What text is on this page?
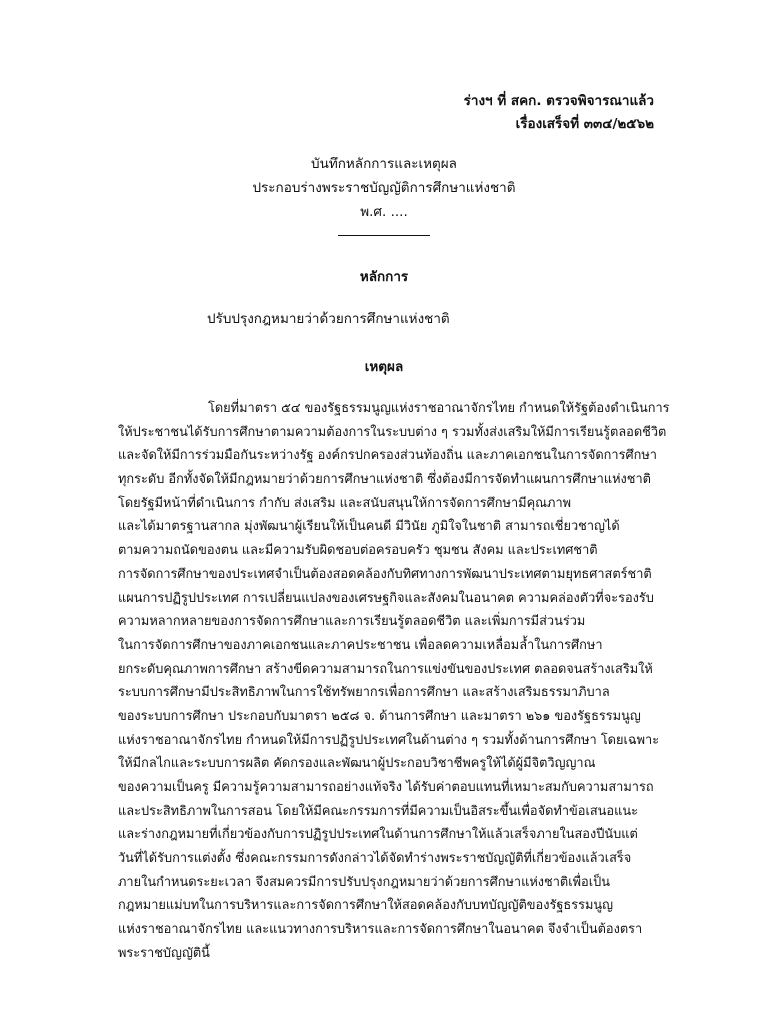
ร่างฯ ที่ สคก. ตรวจพิจารณาแล้ว
เรื่องเสร็จที่ ๓๓๔/๒๕๖๒
บันทึกหลักการและเหตุผล
ประกอบร่างพระราชบัญญัติการศึกษาแห่งชาติ
พ.ศ. ....
หลักการ
ปรับปรุงกฎหมายว่าด้วยการศึกษาแห่งชาติ
เหตุผล
โดยที่มาตรา ๕๔ ของรัฐธรรมนูญแห่งราชอาณาจักรไทย กำหนดให้รัฐต้องดำเนินการ
ให้ประชาชนได้รับการศึกษาตามความต้องการในระบบต่าง ๆ รวมทั้งส่งเสริมให้มีการเรียนรู้ตลอดชีวิต
และจัดให้มีการร่วมมือกันระหว่างรัฐ องค์กรปกครองส่วนท้องถิ่น และภาคเอกชนในการจัดการศึกษา
ทุกระดับ อีกทั้งจัดให้มีกฎหมายว่าด้วยการศึกษาแห่งชาติ ซึ่งต้องมีการจัดทำแผนการศึกษาแห่งชาติ
โดยรัฐมีหน้าที่ดำเนินการ กำกับ ส่งเสริม และสนับสนุนให้การจัดการศึกษามีคุณภาพ
และได้มาตรฐานสากล มุ่งพัฒนาผู้เรียนให้เป็นคนดี มีวินัย ภูมิใจในชาติ สามารถเชี่ยวชาญได้
ตามความถนัดของตน และมีความรับผิดชอบต่อครอบครัว ชุมชน สังคม และประเทศชาติ
การจัดการศึกษาของประเทศจำเป็นต้องสอดคล้องกับทิศทางการพัฒนาประเทศตามยุทธศาสตร์ชาติ
แผนการปฏิรูปประเทศ การเปลี่ยนแปลงของเศรษฐกิจและสังคมในอนาคต ความคล่องตัวที่จะรองรับ
ความหลากหลายของการจัดการศึกษาและการเรียนรู้ตลอดชีวิต และเพิ่มการมีส่วนร่วม
ในการจัดการศึกษาของภาคเอกชนและภาคประชาชน เพื่อลดความเหลื่อมล้ำในการศึกษา
ยกระดับคุณภาพการศึกษา สร้างขีดความสามารถในการแข่งขันของประเทศ ตลอดจนสร้างเสริมให้
ระบบการศึกษามีประสิทธิภาพในการใช้ทรัพยากรเพื่อการศึกษา และสร้างเสริมธรรมาภิบาล
ของระบบการศึกษา ประกอบกับมาตรา ๒๕๘ จ. ด้านการศึกษา และมาตรา ๒๖๑ ของรัฐธรรมนูญ
แห่งราชอาณาจักรไทย กำหนดให้มีการปฏิรูปประเทศในด้านต่าง ๆ รวมทั้งด้านการศึกษา โดยเฉพาะ
ให้มีกลไกและระบบการผลิต คัดกรองและพัฒนาผู้ประกอบวิชาชีพครูให้ได้ผู้มีจิตวิญญาณ
ของความเป็นครู มีความรู้ความสามารถอย่างแท้จริง ได้รับค่าตอบแทนที่เหมาะสมกับความสามารถ
และประสิทธิภาพในการสอน โดยให้มีคณะกรรมการที่มีความเป็นอิสระขึ้นเพื่อจัดทำข้อเสนอแนะ
และร่างกฎหมายที่เกี่ยวข้องกับการปฏิรูปประเทศในด้านการศึกษาให้แล้วเสร็จภายในสองปีนับแต่
วันที่ได้รับการแต่งตั้ง ซึ่งคณะกรรมการดังกล่าวได้จัดทำร่างพระราชบัญญัติที่เกี่ยวข้องแล้วเสร็จ
ภายในกำหนดระยะเวลา จึงสมควรมีการปรับปรุงกฎหมายว่าด้วยการศึกษาแห่งชาติเพื่อเป็น
กฎหมายแม่บทในการบริหารและการจัดการศึกษาให้สอดคล้องกับบทบัญญัติของรัฐธรรมนูญ
แห่งราชอาณาจักรไทย และแนวทางการบริหารและการจัดการศึกษาในอนาคต จึงจำเป็นต้องตรา
พระราชบัญญัตินี้
